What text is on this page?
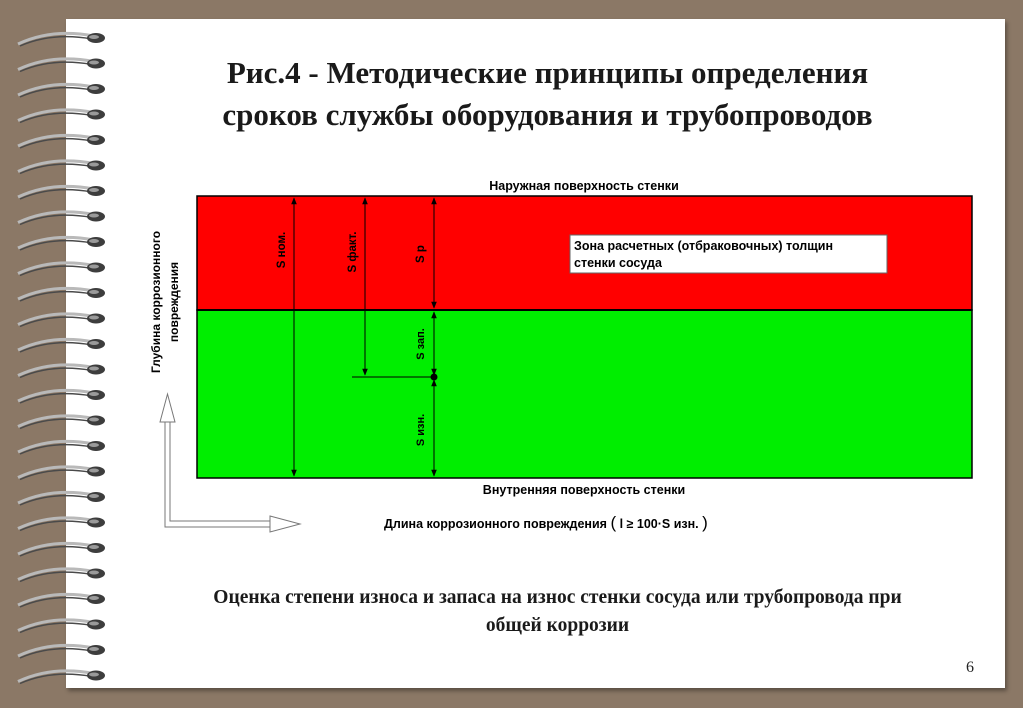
Рис.4 - Методические принципы определения
сроков службы оборудования и трубопроводов
Наружная поверхность стенки
Внутренняя поверхность стенки
Зона расчетных (отбраковочных) толщин
стенки сосуда
S ном.	S факт.	S р
S зап.
S изн.
Глубина коррозионного повреждения
Длина коррозионного повреждения ( l ≥ 100·S изн. )
Оценка степени износа и запаса на износ стенки сосуда или трубопровода при
общей коррозии
6
